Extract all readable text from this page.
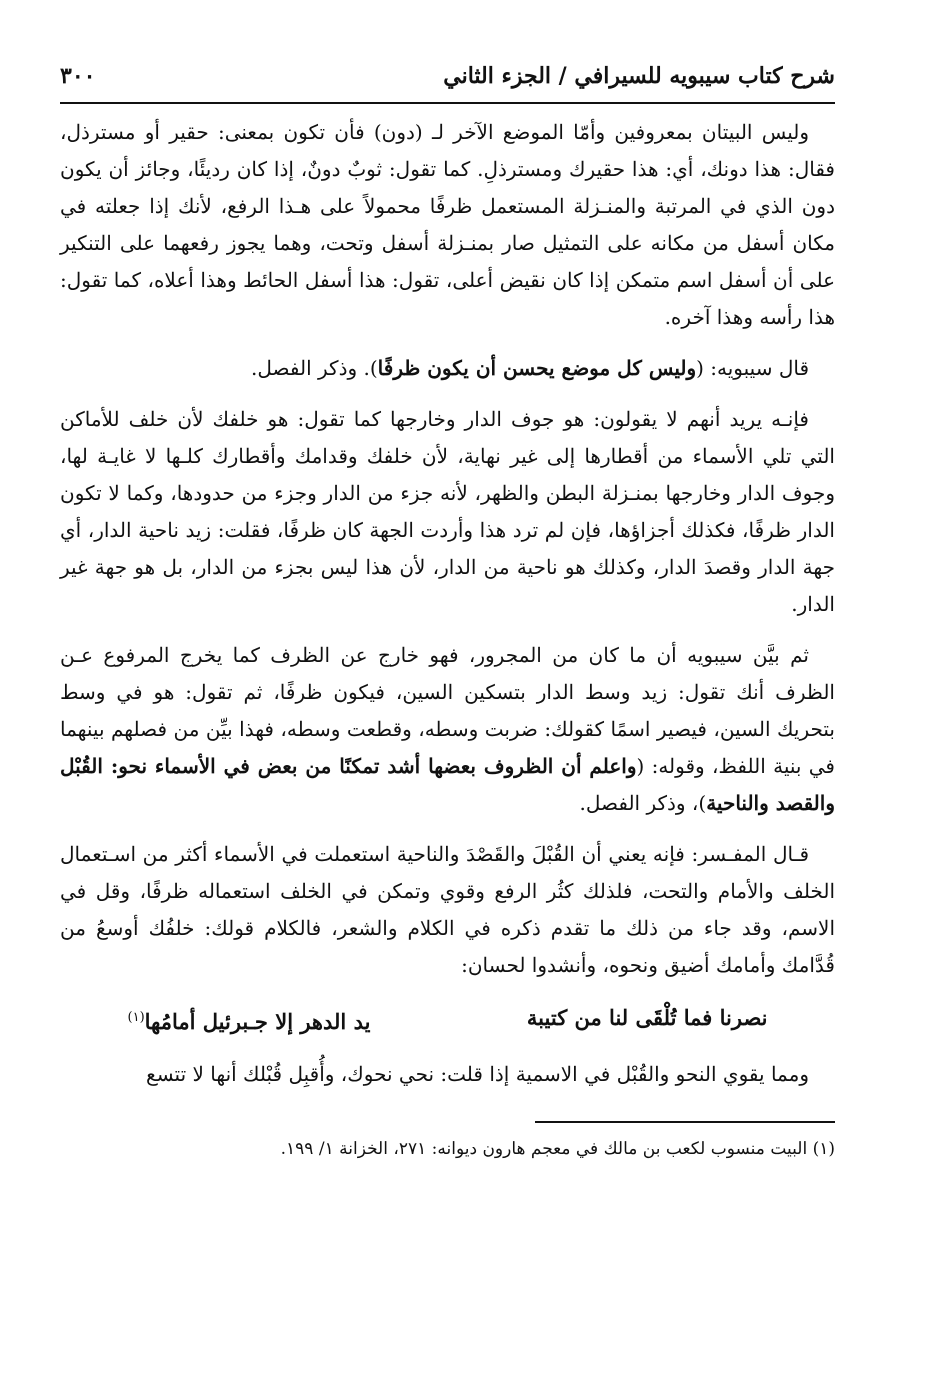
شرح كتاب سيبويه للسيرافي / الجزء الثاني
٣٠٠

وليس البيتان بمعروفين وأمّا الموضع الآخر لـ (دون) فأن تكون بمعنى: حقير أو مسترذل، فقال: هذا دونك، أي: هذا حقيرك ومسترذلِ. كما تقول: ثوبٌ دونٌ، إذا كان رديئًا، وجائز أن يكون دون الذي في المرتبة والمنـزلة المستعمل ظرفًا محمولاً على هـذا الرفع، لأنك إذا جعلته في مكان أسفل من مكانه على التمثيل صار بمنـزلة أسفل وتحت، وهما يجوز رفعهما على التنكير على أن أسفل اسم متمكن إذا كان نقيض أعلى، تقول: هذا أسفل الحائط وهذا أعلاه، كما تقول: هذا رأسه وهذا آخره.

قال سيبويه: (وليس كل موضع يحسن أن يكون ظرفًا). وذكر الفصل.

فإنـه يريد أنهم لا يقولون: هو جوف الدار وخارجها كما تقول: هو خلفك لأن خلف للأماكن التي تلي الأسماء من أقطارها إلى غير نهاية، لأن خلفك وقدامك وأقطارك كلـها لا غايـة لها، وجوف الدار وخارجها بمنـزلة البطن والظهر، لأنه جزء من الدار وجزء من حدودها، وكما لا تكون الدار ظرفًا، فكذلك أجزاؤها، فإن لم ترد هذا وأردت الجهة كان ظرفًا، فقلت: زيد ناحية الدار، أي جهة الدار وقصدَ الدار، وكذلك هو ناحية من الدار، لأن هذا ليس بجزء من الدار، بل هو جهة غير الدار.

ثم بيَّن سيبويه أن ما كان من المجرور، فهو خارج عن الظرف كما يخرج المرفوع عـن الظرف أنك تقول: زيد وسط الدار بتسكين السين، فيكون ظرفًا، ثم تقول: هو في وسط بتحريك السين، فيصير اسمًا كقولك: ضربت وسطه، وقطعت وسطه، فهذا بيِّن من فصلهم بينهما في بنية اللفظ، وقوله: (واعلم أن الظروف بعضها أشد تمكنًا من بعض في الأسماء نحو: القُبْل والقصد والناحية)، وذكر الفصل.

قـال المفـسر: فإنه يعني أن القُبْلَ والقَصْدَ والناحية استعملت في الأسماء أكثر من اسـتعمال الخلف والأمام والتحت، فلذلك كثُر الرفع وقوي وتمكن في الخلف استعماله ظرفًا، وقل في الاسم، وقد جاء من ذلك ما تقدم ذكره في الكلام والشعر، فالكلام قولك: خلفُك أوسعُ من قُدَّامك وأمامك أضيق ونحوه، وأنشدوا لحسان:

نصرنا فما تُلْقَى لنا من كتيبة
يد الدهر إلا جـبرئيل أمامُها$^{(١)}$

ومما يقوي النحو والقُبْل في الاسمية إذا قلت: نحي نحوك، وأُقبِل قُبْلك أنها لا تتسع

(١) البيت منسوب لكعب بن مالك في معجم هارون ديوانه: ٢٧١، الخزانة ١/ ١٩٩.
